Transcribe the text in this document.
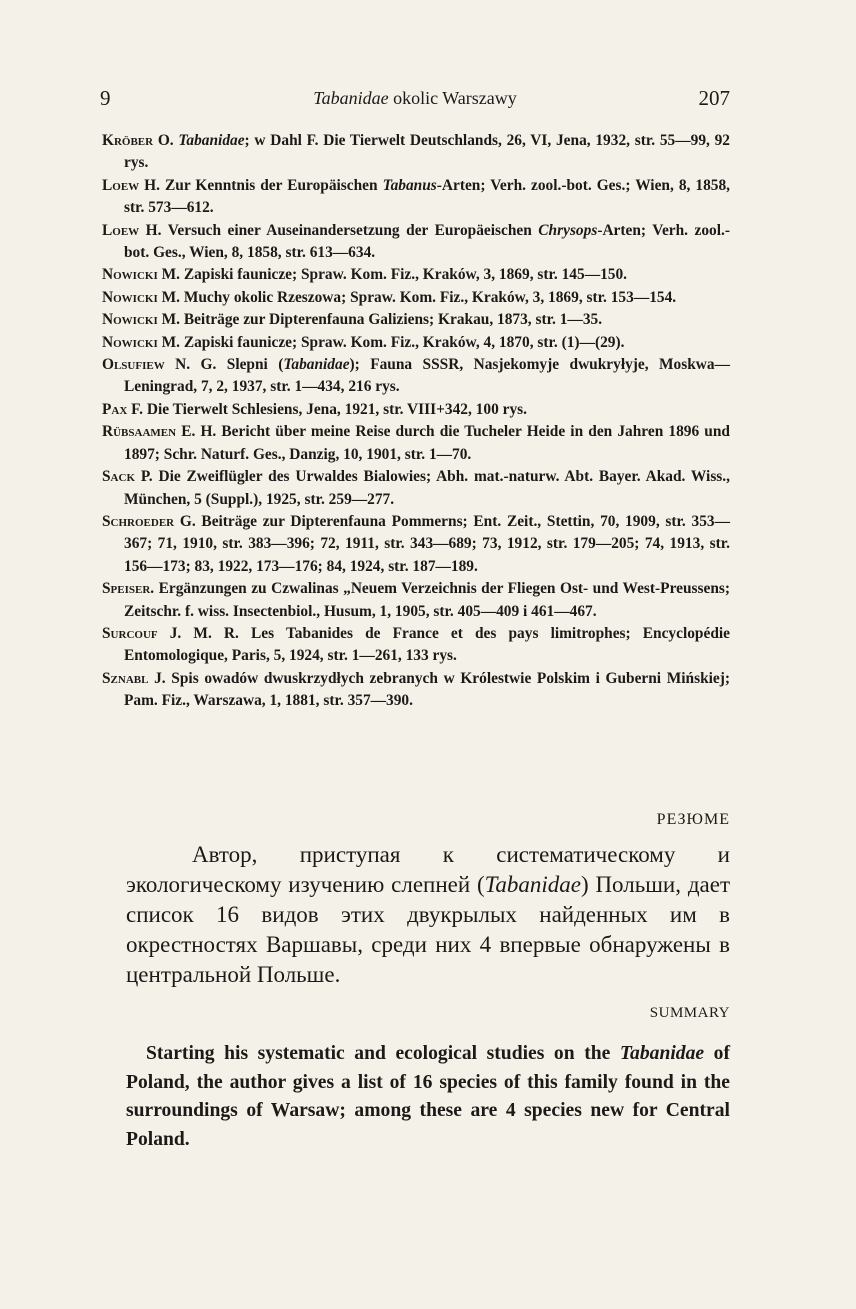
9	Tabanidae okolic Warszawy	207
Kröber O. Tabanidae; w Dahl F. Die Tierwelt Deutschlands, 26, VI, Jena, 1932, str. 55—99, 92 rys.
Loew H. Zur Kenntnis der Europäischen Tabanus-Arten; Verh. zool.-bot. Ges.; Wien, 8, 1858, str. 573—612.
Loew H. Versuch einer Auseinandersetzung der Europäeischen Chrysops-Arten; Verh. zool.-bot. Ges., Wien, 8, 1858, str. 613—634.
Nowicki M. Zapiski faunicze; Spraw. Kom. Fiz., Kraków, 3, 1869, str. 145—150.
Nowicki M. Muchy okolic Rzeszowa; Spraw. Kom. Fiz., Kraków, 3, 1869, str. 153—154.
Nowicki M. Beiträge zur Dipterenfauna Galiziens; Krakau, 1873, str. 1—35.
Nowicki M. Zapiski faunicze; Spraw. Kom. Fiz., Kraków, 4, 1870, str. (1)—(29).
Olsufiew N. G. Slepni (Tabanidae); Fauna SSSR, Nasjekomyje dwukryłyje, Moskwa—Leningrad, 7, 2, 1937, str. 1—434, 216 rys.
Pax F. Die Tierwelt Schlesiens, Jena, 1921, str. VIII+342, 100 rys.
Rübsaamen E. H. Bericht über meine Reise durch die Tucheler Heide in den Jahren 1896 und 1897; Schr. Naturf. Ges., Danzig, 10, 1901, str. 1—70.
Sack P. Die Zweiflügler des Urwaldes Bialowies; Abh. mat.-naturw. Abt. Bayer. Akad. Wiss., München, 5 (Suppl.), 1925, str. 259—277.
Schroeder G. Beiträge zur Dipterenfauna Pommerns; Ent. Zeit., Stettin, 70, 1909, str. 353—367; 71, 1910, str. 383—396; 72, 1911, str. 343—689; 73, 1912, str. 179—205; 74, 1913, str. 156—173; 83, 1922, 173—176; 84, 1924, str. 187—189.
Speiser. Ergänzungen zu Czwalinas „Neuem Verzeichnis der Fliegen Ost- und West-Preussens; Zeitschr. f. wiss. Insectenbiol., Husum, 1, 1905, str. 405—409 i 461—467.
Surcouf J. M. R. Les Tabanides de France et des pays limitrophes; Encyclopédie Entomologique, Paris, 5, 1924, str. 1—261, 133 rys.
Sznabl J. Spis owadów dwuskrzydłych zebranych w Królestwie Polskim i Guberni Mińskiej; Pam. Fiz., Warszawa, 1, 1881, str. 357—390.
РЕЗЮМЕ

Автор, приступая к систематическому и экологическому изучению слепней (Tabanidae) Польши, дает список 16 видов этих двукрылых найденных им в окрестностях Варшавы, среди них 4 впервые обнаружены в центральной Польше.

SUMMARY

Starting his systematic and ecological studies on the Tabanidae of Poland, the author gives a list of 16 species of this family found in the surroundings of Warsaw; among these are 4 species new for Central Poland.
